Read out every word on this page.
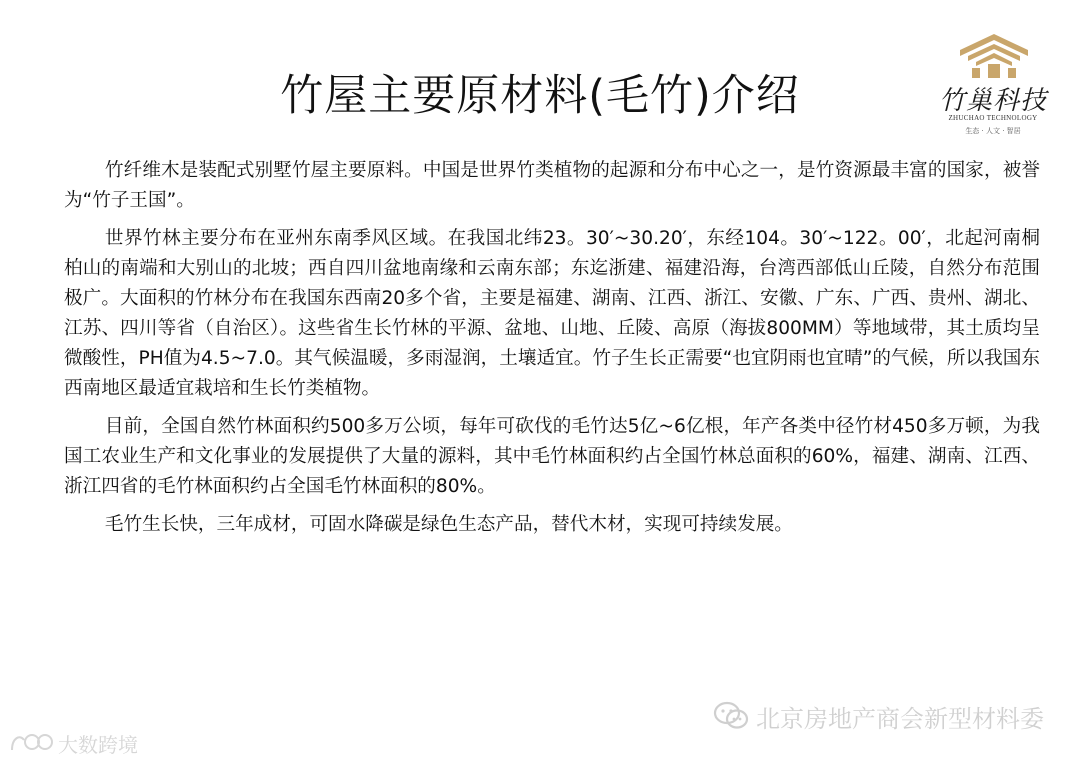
竹屋主要原材料(毛竹)介绍	竹巢科技
ZHUCHAO TECHNOLOGY
生态 · 人文 · 智居

竹纤维木是装配式别墅竹屋主要原料。中国是世界竹类植物的起源和分布中心之一，是竹资源最丰富的国家，被誉为“竹子王国”。

世界竹林主要分布在亚州东南季风区域。在我国北纬23。30′~30.20′，东经104。30′~122。00′，北起河南桐柏山的南端和大别山的北坡；西自四川盆地南缘和云南东部；东迄浙建、福建沿海，台湾西部低山丘陵，自然分布范围极广。大面积的竹林分布在我国东西南20多个省，主要是福建、湖南、江西、浙江、安徽、广东、广西、贵州、湖北、江苏、四川等省（自治区）。这些省生长竹林的平源、盆地、山地、丘陵、高原（海拔800MM）等地域带，其土质均呈微酸性，PH值为4.5~7.0。其气候温暖，多雨湿润，土壤适宜。竹子生长正需要“也宜阴雨也宜晴”的气候，所以我国东西南地区最适宜栽培和生长竹类植物。

目前，全国自然竹林面积约500多万公顷，每年可砍伐的毛竹达5亿~6亿根，年产各类中径竹材450多万顿，为我国工农业生产和文化事业的发展提供了大量的源料，其中毛竹林面积约占全国竹林总面积的60%，福建、湖南、江西、浙江四省的毛竹林面积约占全国毛竹林面积的80%。

毛竹生长快，三年成材，可固水降碳是绿色生态产品，替代木材，实现可持续发展。

北京房地产商会新型材料委
大数跨境
